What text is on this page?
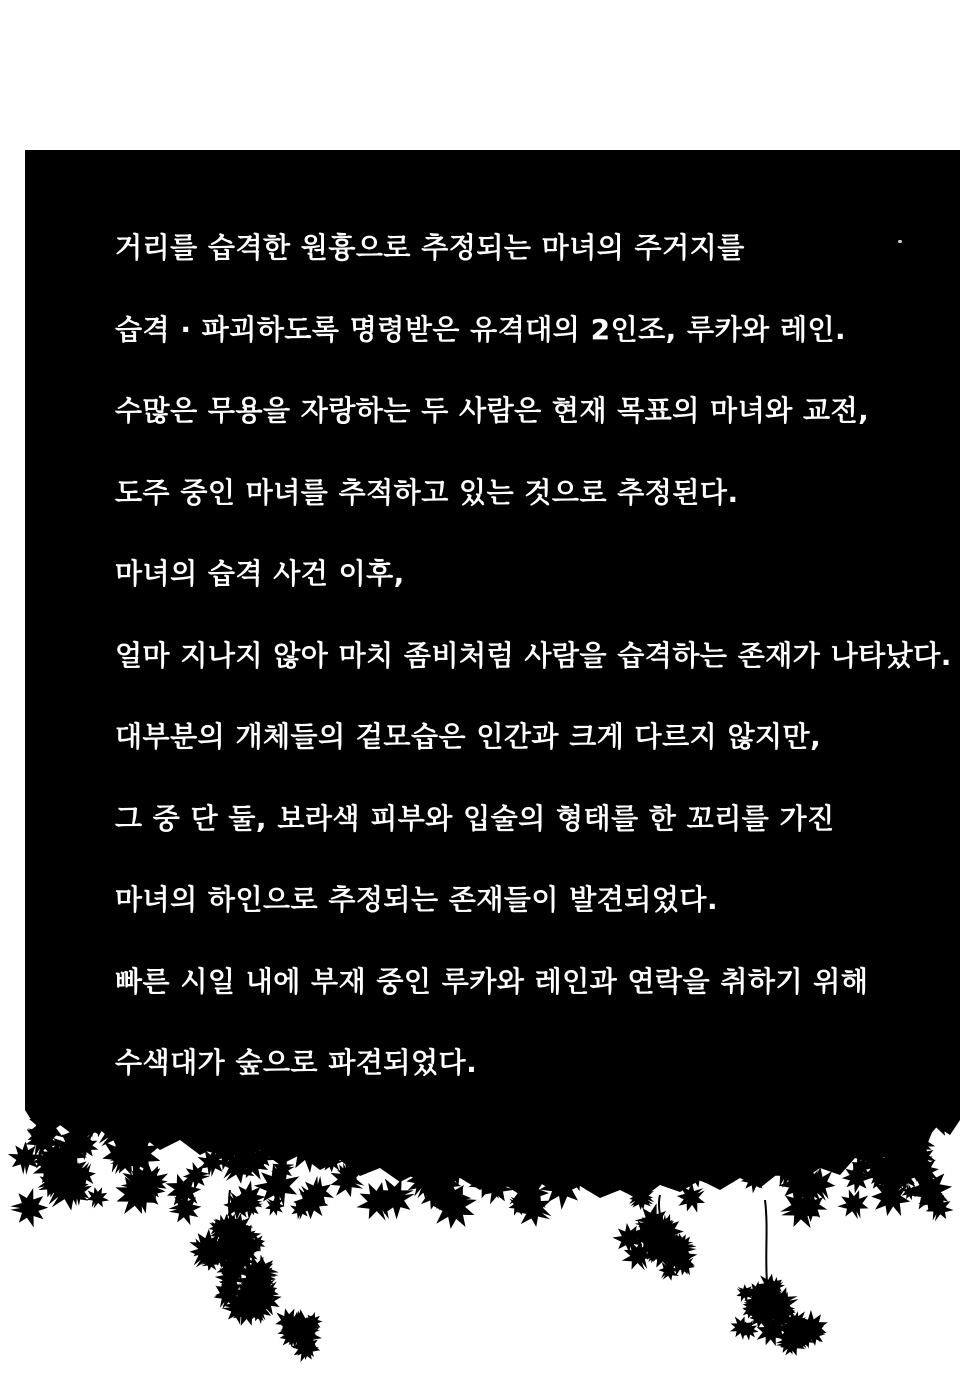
거리를 습격한 원흉으로 추정되는 마녀의 주거지를
습격 · 파괴하도록 명령받은 유격대의 2인조, 루카와 레인.
수많은 무용을 자랑하는 두 사람은 현재 목표의 마녀와 교전,
도주 중인 마녀를 추적하고 있는 것으로 추정된다.
마녀의 습격 사건 이후,
얼마 지나지 않아 마치 좀비처럼 사람을 습격하는 존재가 나타났다.
대부분의 개체들의 겉모습은 인간과 크게 다르지 않지만,
그 중 단 둘, 보라색 피부와 입술의 형태를 한 꼬리를 가진
마녀의 하인으로 추정되는 존재들이 발견되었다.
빠른 시일 내에 부재 중인 루카와 레인과 연락을 취하기 위해
수색대가 숲으로 파견되었다.
